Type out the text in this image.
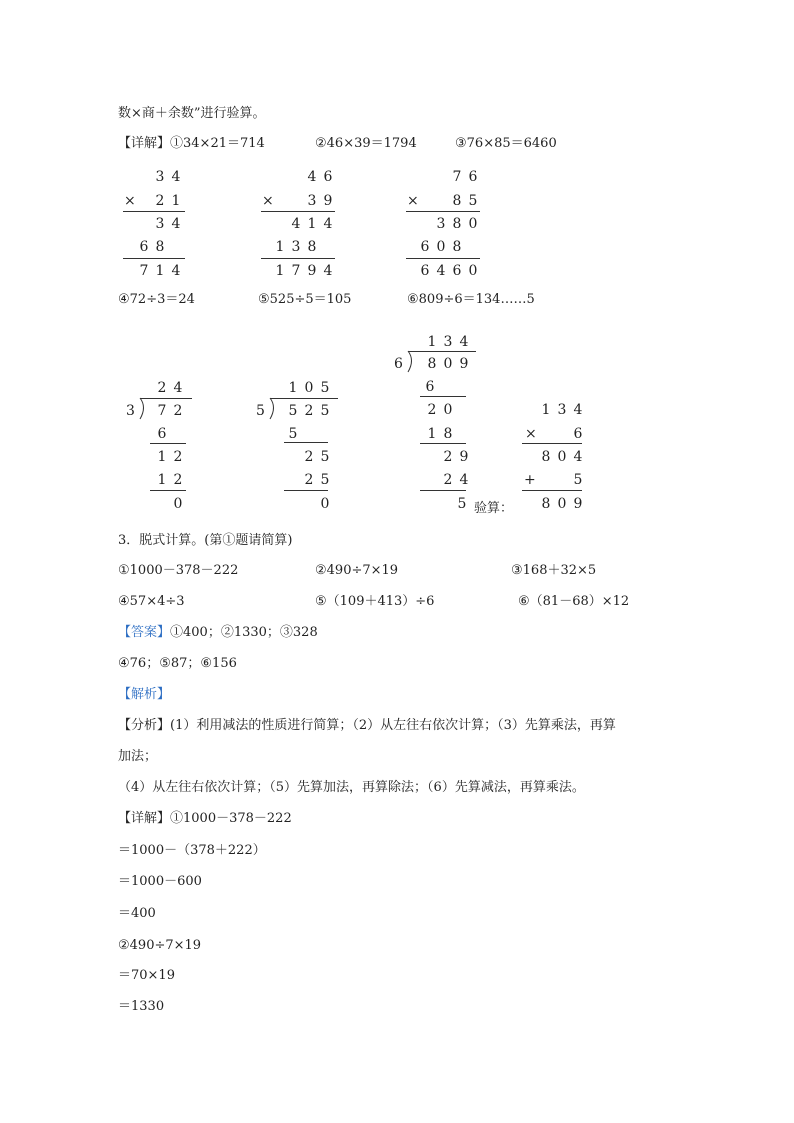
数×商＋余数”进行验算。
【详解】①34×21＝714	②46×39＝1794	③76×85＝6460
×
3 4
2 1
3 4
6 8
7 1 4
×
4 6
3 9
4 1 4
1 3 8
1 7 9 4
×
7 6
8 5
3 8 0
6 0 8
6 4 6 0
④72÷3＝24	⑤525÷5＝105	⑥809÷6＝134……5
2 4
3 7 2
6
1 2
1 2
0
1 0 5
5 5 2 5
5
2 5
2 5
0
1 3 4
6 8 0 9
6
2 0
1 8
2 9
2 4
5
1 3 4
×	6
8 0 4
+	5
8 0 9
验算：
3．脱式计算。(第①题请简算)
①1000－378－222	②490÷7×19	③168＋32×5
④57×4÷3	⑤（109＋413）÷6	⑥（81－68）×12
【答案】①400；②1330；③328
④76；⑤87；⑥156
【解析】
【分析】(1）利用减法的性质进行简算；（2）从左往右依次计算；（3）先算乘法，再算
加法；
（4）从左往右依次计算；（5）先算加法，再算除法；（6）先算减法，再算乘法。
【详解】①1000－378－222
＝1000－（378＋222）
＝1000－600
＝400
②490÷7×19
＝70×19
＝1330
